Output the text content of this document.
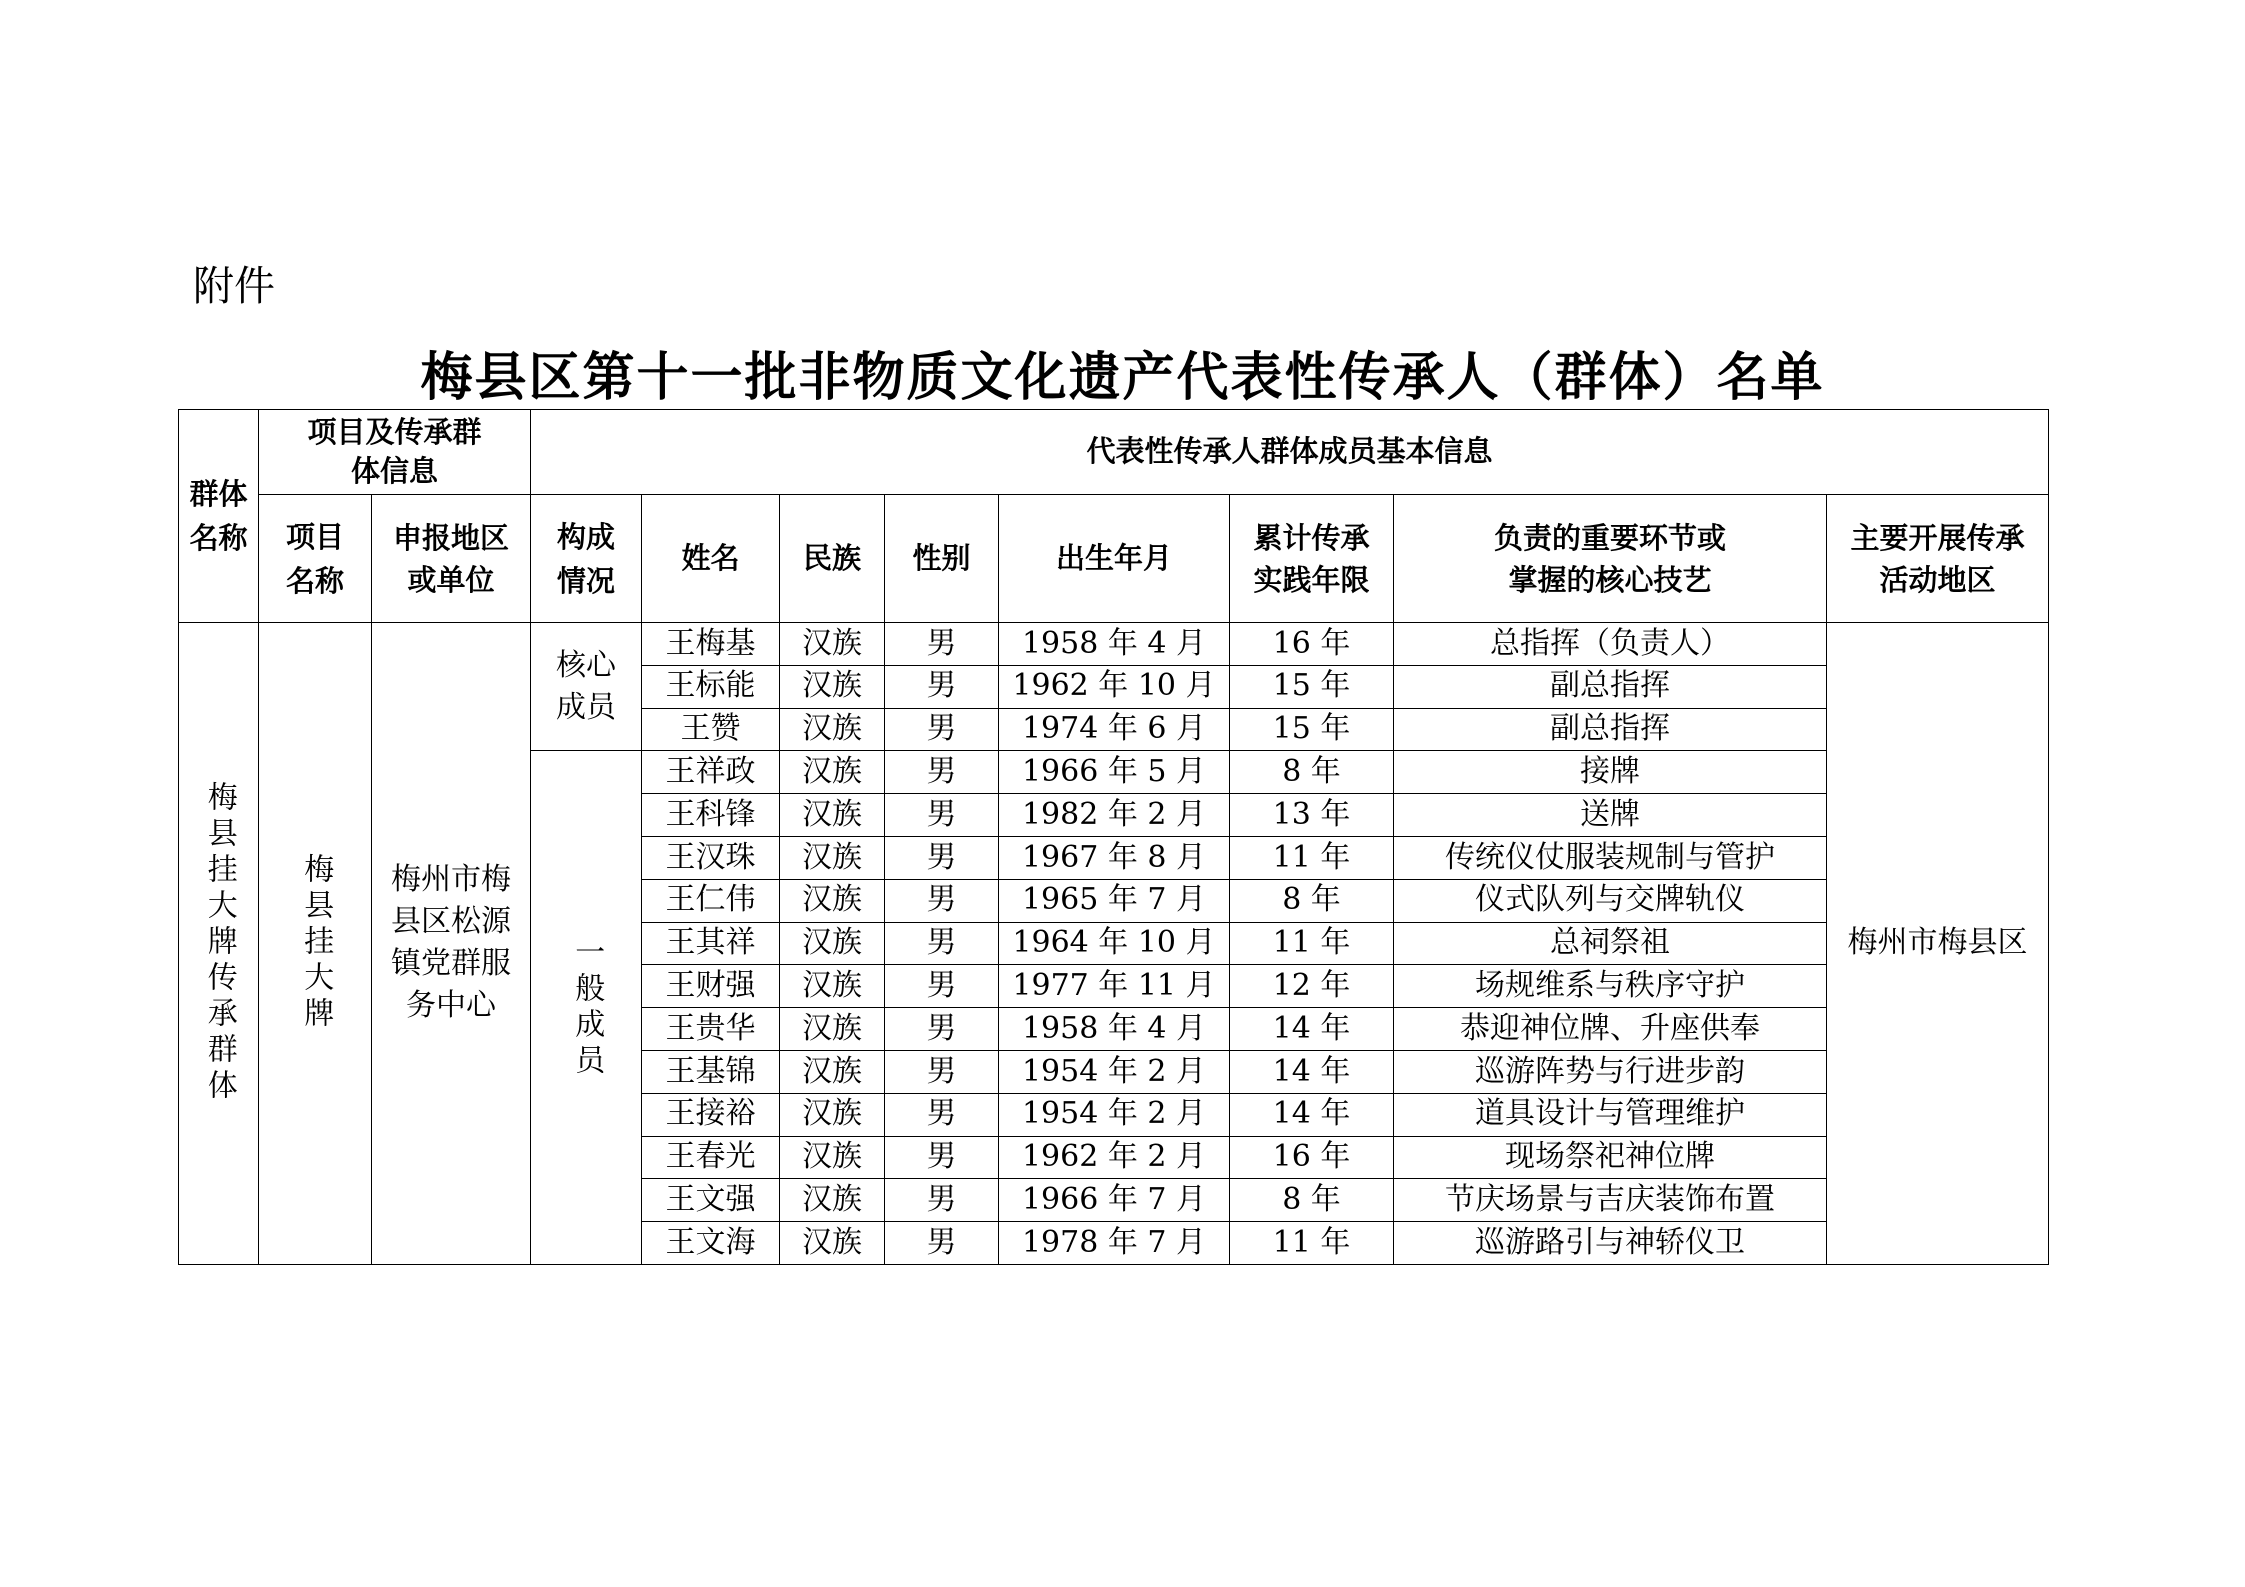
附件
梅县区第十一批非物质文化遗产代表性传承人（群体）名单
群体名称	项目及传承群体信息		代表性传承人群体成员基本信息							
	项目名称	申报地区或单位	构成情况	姓名	民族	性别	出生年月	累计传承实践年限	负责的重要环节或掌握的核心技艺	主要开展传承活动地区

梅县挂大牌传承群体	梅县挂大牌	梅州市梅县区松源镇党群服务中心	核心成员	王梅基	汉族	男	1958 年 4 月	16 年	总指挥（负责人）	梅州市梅县区
				王标能	汉族	男	1962 年 10 月	15 年	副总指挥	
				王赞	汉族	男	1974 年 6 月	15 年	副总指挥	

			一般成员	王祥政	汉族	男	1966 年 5 月	8 年	接牌	
				王科锋	汉族	男	1982 年 2 月	13 年	送牌	
				王汉珠	汉族	男	1967 年 8 月	11 年	传统仪仗服装规制与管护	
				王仁伟	汉族	男	1965 年 7 月	8 年	仪式队列与交牌轨仪	
				王其祥	汉族	男	1964 年 10 月	11 年	总祠祭祖	
				王财强	汉族	男	1977 年 11 月	12 年	场规维系与秩序守护	
				王贵华	汉族	男	1958 年 4 月	14 年	恭迎神位牌、升座供奉	
				王基锦	汉族	男	1954 年 2 月	14 年	巡游阵势与行进步韵	
				王接裕	汉族	男	1954 年 2 月	14 年	道具设计与管理维护	
				王春光	汉族	男	1962 年 2 月	16 年	现场祭祀神位牌	
				王文强	汉族	男	1966 年 7 月	8 年	节庆场景与吉庆装饰布置	
				王文海	汉族	男	1978 年 7 月	11 年	巡游路引与神轿仪卫	
